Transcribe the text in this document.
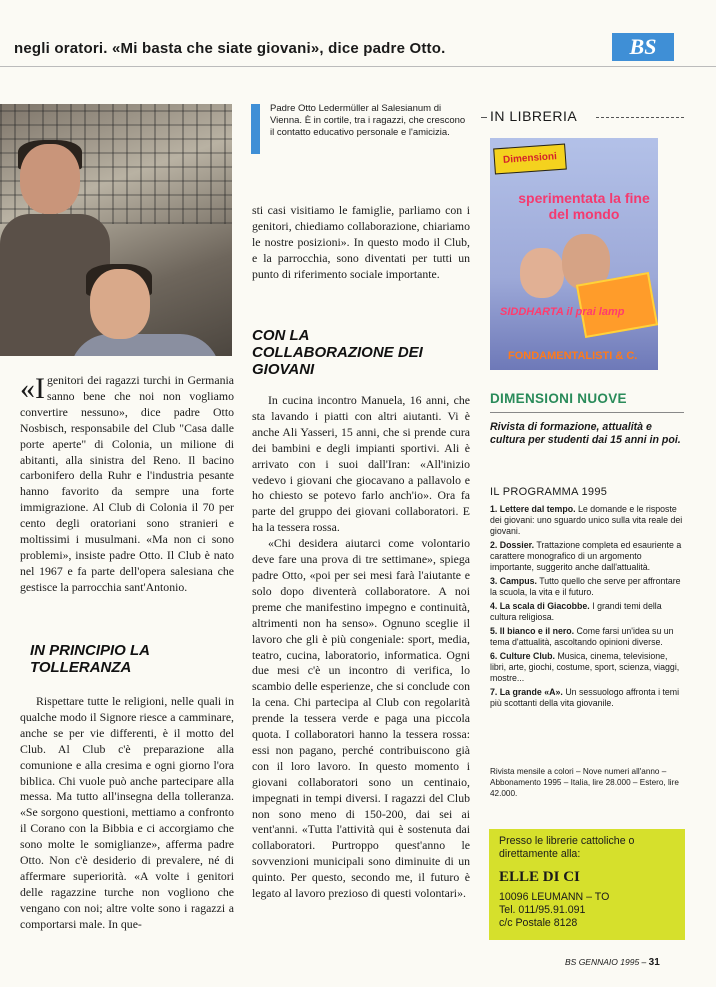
negli oratori. «Mi basta che siate giovani», dice padre Otto.	BS
Padre Otto Ledermüller al Salesianum di Vienna. È in cortile, tra i ragazzi, che crescono il contatto educativo personale e l'amicizia.

«Igenitori dei ragazzi turchi in Germania sanno bene che noi non vogliamo convertire nessuno», dice padre Otto Nosbisch, responsabile del Club "Casa dalle porte aperte" di Colonia, un milione di abitanti, alla sinistra del Reno. Il bacino carbonifero della Ruhr e l'industria pesante hanno favorito da sempre una forte immigrazione. Al Club di Colonia il 70 per cento degli oratoriani sono stranieri e moltissimi i musulmani. «Ma non ci sono problemi», insiste padre Otto. Il Club è nato nel 1967 e fa parte dell'opera salesiana che gestisce la parrocchia sant'Antonio.

IN PRINCIPIO LA TOLLERANZA

Rispettare tutte le religioni, nelle quali in qualche modo il Signore riesce a camminare, anche se per vie differenti, è il motto del Club. Al Club c'è preparazione alla comunione e alla cresima e ogni giorno l'ora biblica. Chi vuole può anche partecipare alla messa. Ma tutto all'insegna della tolleranza. «Se sorgono questioni, mettiamo a confronto il Corano con la Bibbia e ci accorgiamo che sono molte le somiglianze», afferma padre Otto. Non c'è desiderio di prevalere, né di affermare superiorità. «A volte i genitori delle ragazzine turche non vogliono che vengano con noi; altre volte sono i ragazzi a comportarsi male. In que-

sti casi visitiamo le famiglie, parliamo con i genitori, chiediamo collaborazione, chiariamo le nostre posizioni». In questo modo il Club, e la parrocchia, sono diventati per tutti un punto di riferimento sociale importante.

CON LA COLLABORAZIONE DEI GIOVANI

In cucina incontro Manuela, 16 anni, che sta lavando i piatti con altri aiutanti. Vi è anche Ali Yasseri, 15 anni, che si prende cura dei bambini e degli impianti sportivi. Ali è arrivato con i suoi dall'Iran: «All'inizio vedevo i giovani che giocavano a pallavolo e ho chiesto se potevo farlo anch'io». Ora fa parte del gruppo dei giovani collaboratori. E ha la tessera rossa.

«Chi desidera aiutarci come volontario deve fare una prova di tre settimane», spiega padre Otto, «poi per sei mesi farà l'aiutante e solo dopo diventerà collaboratore. A noi preme che manifestino impegno e continuità, altrimenti non ha senso». Ognuno sceglie il lavoro che gli è più congeniale: sport, media, teatro, cucina, laboratorio, informatica. Ogni due mesi c'è un incontro di verifica, lo scambio delle esperienze, che si conclude con la cena. Chi partecipa al Club con regolarità prende la tessera verde e paga una piccola quota. I collaboratori hanno la tessera rossa: essi non pagano, perché contribuiscono già con il loro lavoro. In questo momento i giovani collaboratori sono un centinaio, impegnati in tempi diversi. I ragazzi del Club non sono meno di 150-200, dai sei ai vent'anni. «Tutta l'attività qui è sostenuta dai collaboratori. Purtroppo quest'anno le sovvenzioni municipali sono diminuite di un quinto. Per questo, secondo me, il futuro è legato al lavoro prezioso di questi volontari».

IN LIBRERIA
Dimensioni
sperimentata la fine del mondo
SIDDHARTA il prai lamp
FONDAMENTALISTI & C.
DIMENSIONI NUOVE
Rivista di formazione, attualità e cultura per studenti dai 15 anni in poi.
IL PROGRAMMA 1995

1. Lettere dal tempo. Le domande e le risposte dei giovani: uno sguardo unico sulla vita reale dei giovani.

2. Dossier. Trattazione completa ed esauriente a carattere monografico di un argomento importante, suggerito anche dall'attualità.

3. Campus. Tutto quello che serve per affrontare la scuola, la vita e il futuro.

4. La scala di Giacobbe. I grandi temi della cultura religiosa.

5. Il bianco e il nero. Come farsi un'idea su un tema d'attualità, ascoltando opinioni diverse.

6. Culture Club. Musica, cinema, televisione, libri, arte, giochi, costume, sport, scienza, viaggi, mostre...

7. La grande «A». Un sessuologo affronta i temi più scottanti della vita giovanile.

Rivista mensile a colori – Nove numeri all'anno – Abbonamento 1995 – Italia, lire 28.000 – Estero, lire 42.000.
Presso le librerie cattoliche o direttamente alla:
ELLE DI CI
10096 LEUMANN – TO
Tel. 011/95.91.091
c/c Postale 8128
BS GENNAIO 1995 – 31
